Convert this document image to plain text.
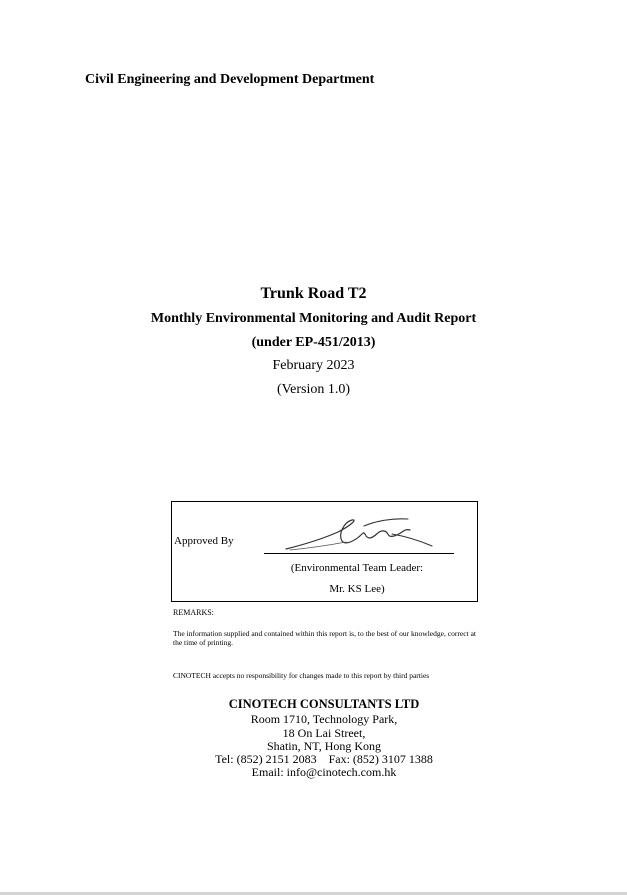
Civil Engineering and Development Department
Trunk Road T2
Monthly Environmental Monitoring and Audit Report
(under EP-451/2013)
February 2023
(Version 1.0)
Approved By
(Environmental Team Leader:
Mr. KS Lee)
REMARKS:
The information supplied and contained within this report is, to the best of our knowledge, correct at the time of printing.
CINOTECH accepts no responsibility for changes made to this report by third parties
CINOTECH CONSULTANTS LTD
Room 1710, Technology Park,
18 On Lai Street,
Shatin, NT, Hong Kong
Tel: (852) 2151 2083    Fax: (852) 3107 1388
Email: info@cinotech.com.hk
